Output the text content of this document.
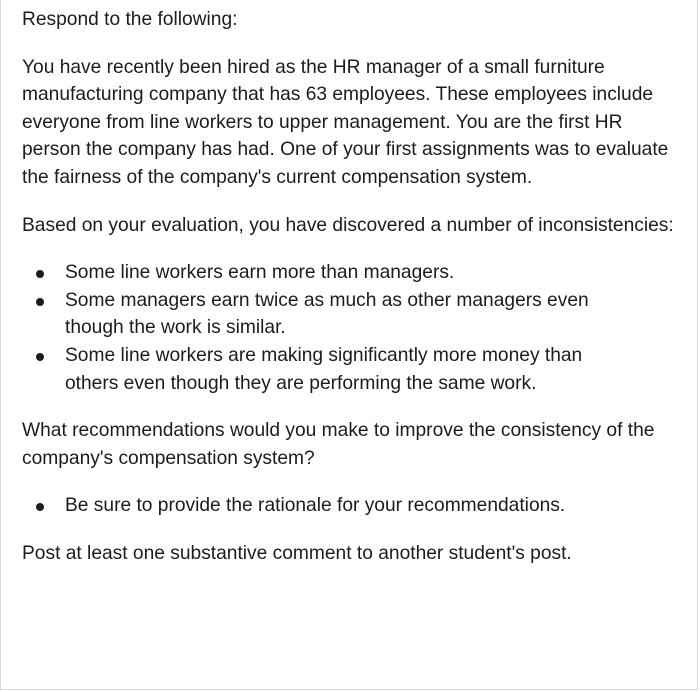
Respond to the following:

You have recently been hired as the HR manager of a small furniture manufacturing company that has 63 employees. These employees include everyone from line workers to upper management. You are the first HR person the company has had. One of your first assignments was to evaluate the fairness of the company's current compensation system.

Based on your evaluation, you have discovered a number of inconsistencies:

Some line workers earn more than managers.
Some managers earn twice as much as other managers even though the work is similar.
Some line workers are making significantly more money than others even though they are performing the same work.

What recommendations would you make to improve the consistency of the company's compensation system?

Be sure to provide the rationale for your recommendations.

Post at least one substantive comment to another student's post.
